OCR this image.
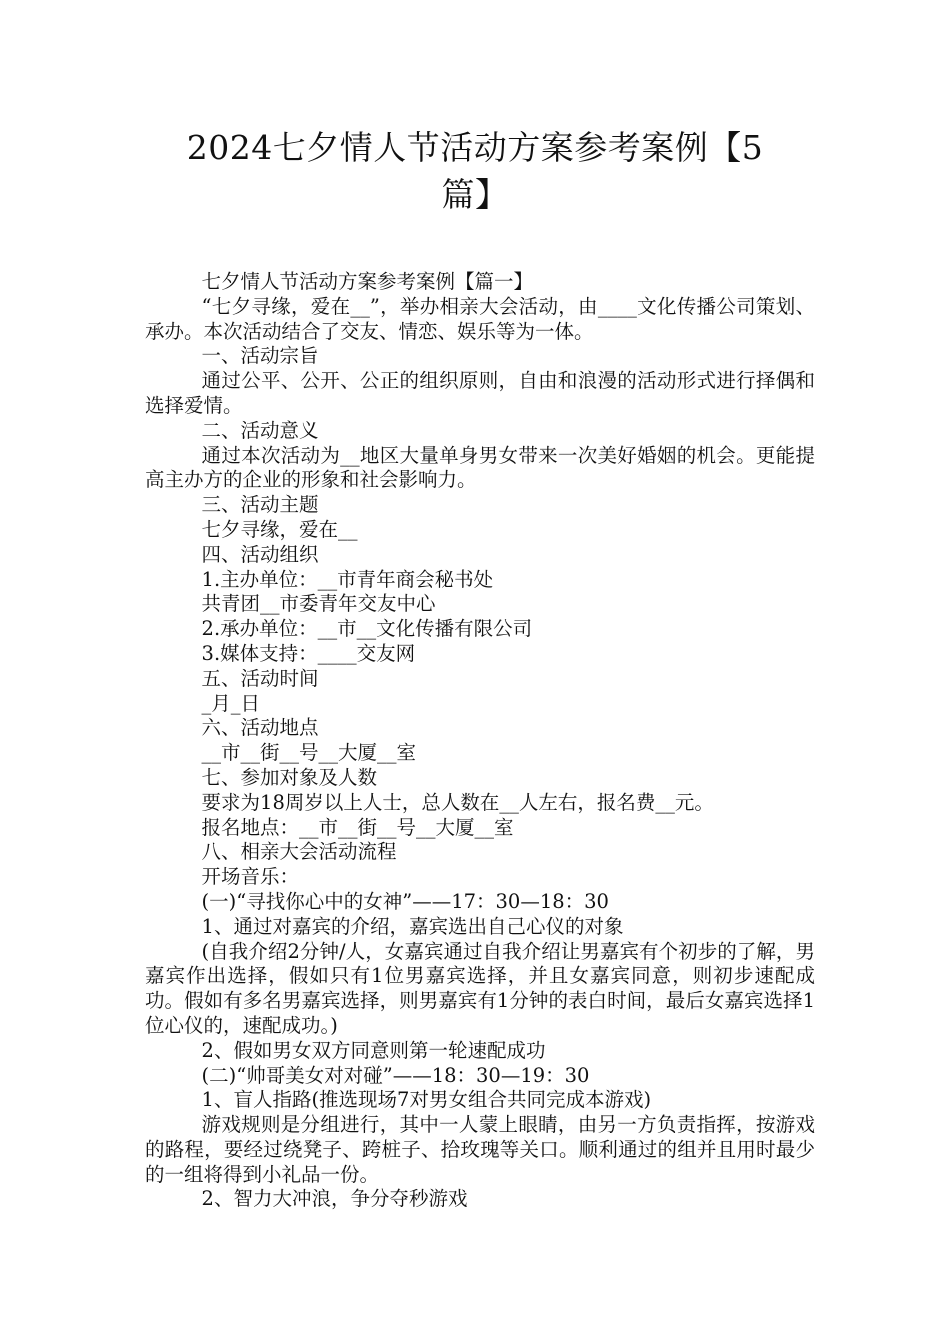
2024七夕情人节活动方案参考案例【5
篇】

七夕情人节活动方案参考案例【篇一】

“七夕寻缘，爱在__”，举办相亲大会活动，由____文化传播公司策划、承办。本次活动结合了交友、情恋、娱乐等为一体。

一、活动宗旨

通过公平、公开、公正的组织原则，自由和浪漫的活动形式进行择偶和选择爱情。

二、活动意义

通过本次活动为__地区大量单身男女带来一次美好婚姻的机会。更能提高主办方的企业的形象和社会影响力。

三、活动主题

七夕寻缘，爱在__

四、活动组织

1.主办单位：__市青年商会秘书处

共青团__市委青年交友中心

2.承办单位：__市__文化传播有限公司

3.媒体支持：____交友网

五、活动时间

_月_日

六、活动地点

__市__街__号__大厦__室

七、参加对象及人数

要求为18周岁以上人士，总人数在__人左右，报名费__元。

报名地点：__市__街__号__大厦__室

八、相亲大会活动流程

开场音乐：

(一)“寻找你心中的女神”——17：30—18：30

1、通过对嘉宾的介绍，嘉宾选出自己心仪的对象

(自我介绍2分钟/人，女嘉宾通过自我介绍让男嘉宾有个初步的了解，男嘉宾作出选择，假如只有1位男嘉宾选择，并且女嘉宾同意，则初步速配成功。假如有多名男嘉宾选择，则男嘉宾有1分钟的表白时间，最后女嘉宾选择1位心仪的，速配成功。)

2、假如男女双方同意则第一轮速配成功

(二)“帅哥美女对对碰”——18：30—19：30

1、盲人指路(推选现场7对男女组合共同完成本游戏)

游戏规则是分组进行，其中一人蒙上眼睛，由另一方负责指挥，按游戏的路程，要经过绕凳子、跨桩子、拾玫瑰等关口。顺利通过的组并且用时最少的一组将得到小礼品一份。

2、智力大冲浪，争分夺秒游戏
